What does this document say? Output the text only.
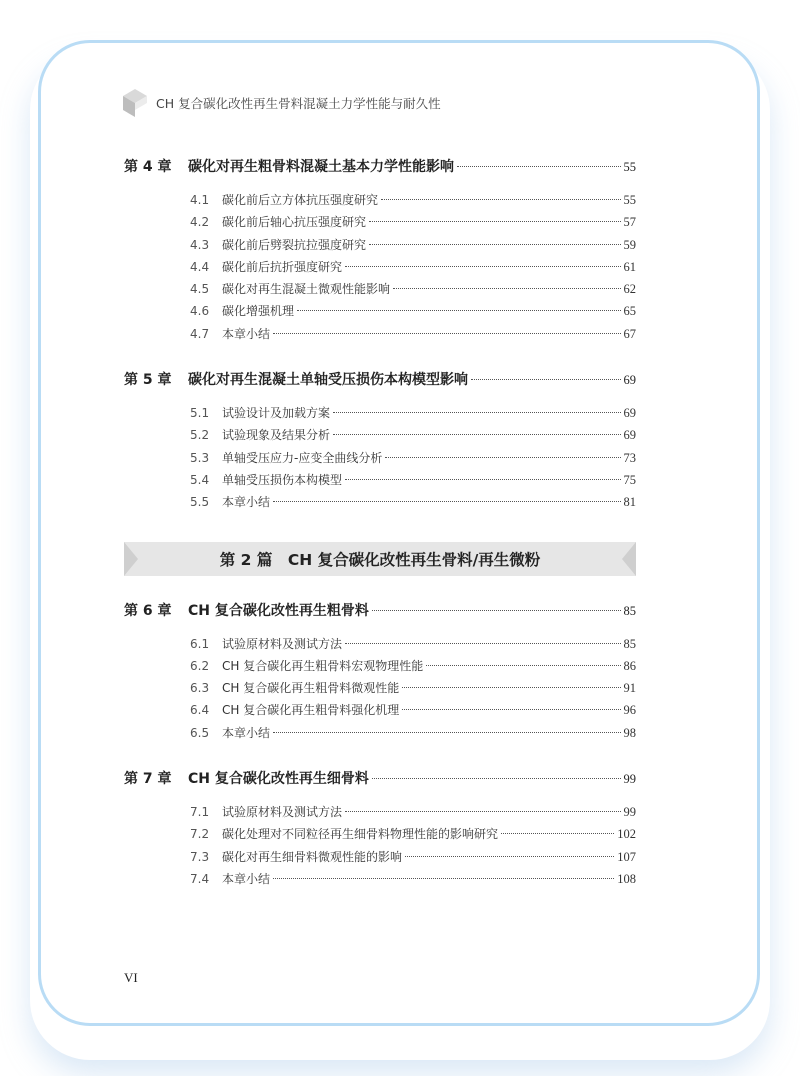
CH 复合碳化改性再生骨料混凝土力学性能与耐久性
第 4 章	碳化对再生粗骨料混凝土基本力学性能影响	55
4.1	碳化前后立方体抗压强度研究	55
4.2	碳化前后轴心抗压强度研究	57
4.3	碳化前后劈裂抗拉强度研究	59
4.4	碳化前后抗折强度研究	61
4.5	碳化对再生混凝土微观性能影响	62
4.6	碳化增强机理	65
4.7	本章小结	67
第 5 章	碳化对再生混凝土单轴受压损伤本构模型影响	69
5.1	试验设计及加载方案	69
5.2	试验现象及结果分析	69
5.3	单轴受压应力-应变全曲线分析	73
5.4	单轴受压损伤本构模型	75
5.5	本章小结	81
第 2 篇　CH 复合碳化改性再生骨料/再生微粉
第 6 章	CH 复合碳化改性再生粗骨料	85
6.1	试验原材料及测试方法	85
6.2	CH 复合碳化再生粗骨料宏观物理性能	86
6.3	CH 复合碳化再生粗骨料微观性能	91
6.4	CH 复合碳化再生粗骨料强化机理	96
6.5	本章小结	98
第 7 章	CH 复合碳化改性再生细骨料	99
7.1	试验原材料及测试方法	99
7.2	碳化处理对不同粒径再生细骨料物理性能的影响研究	102
7.3	碳化对再生细骨料微观性能的影响	107
7.4	本章小结	108
VI
